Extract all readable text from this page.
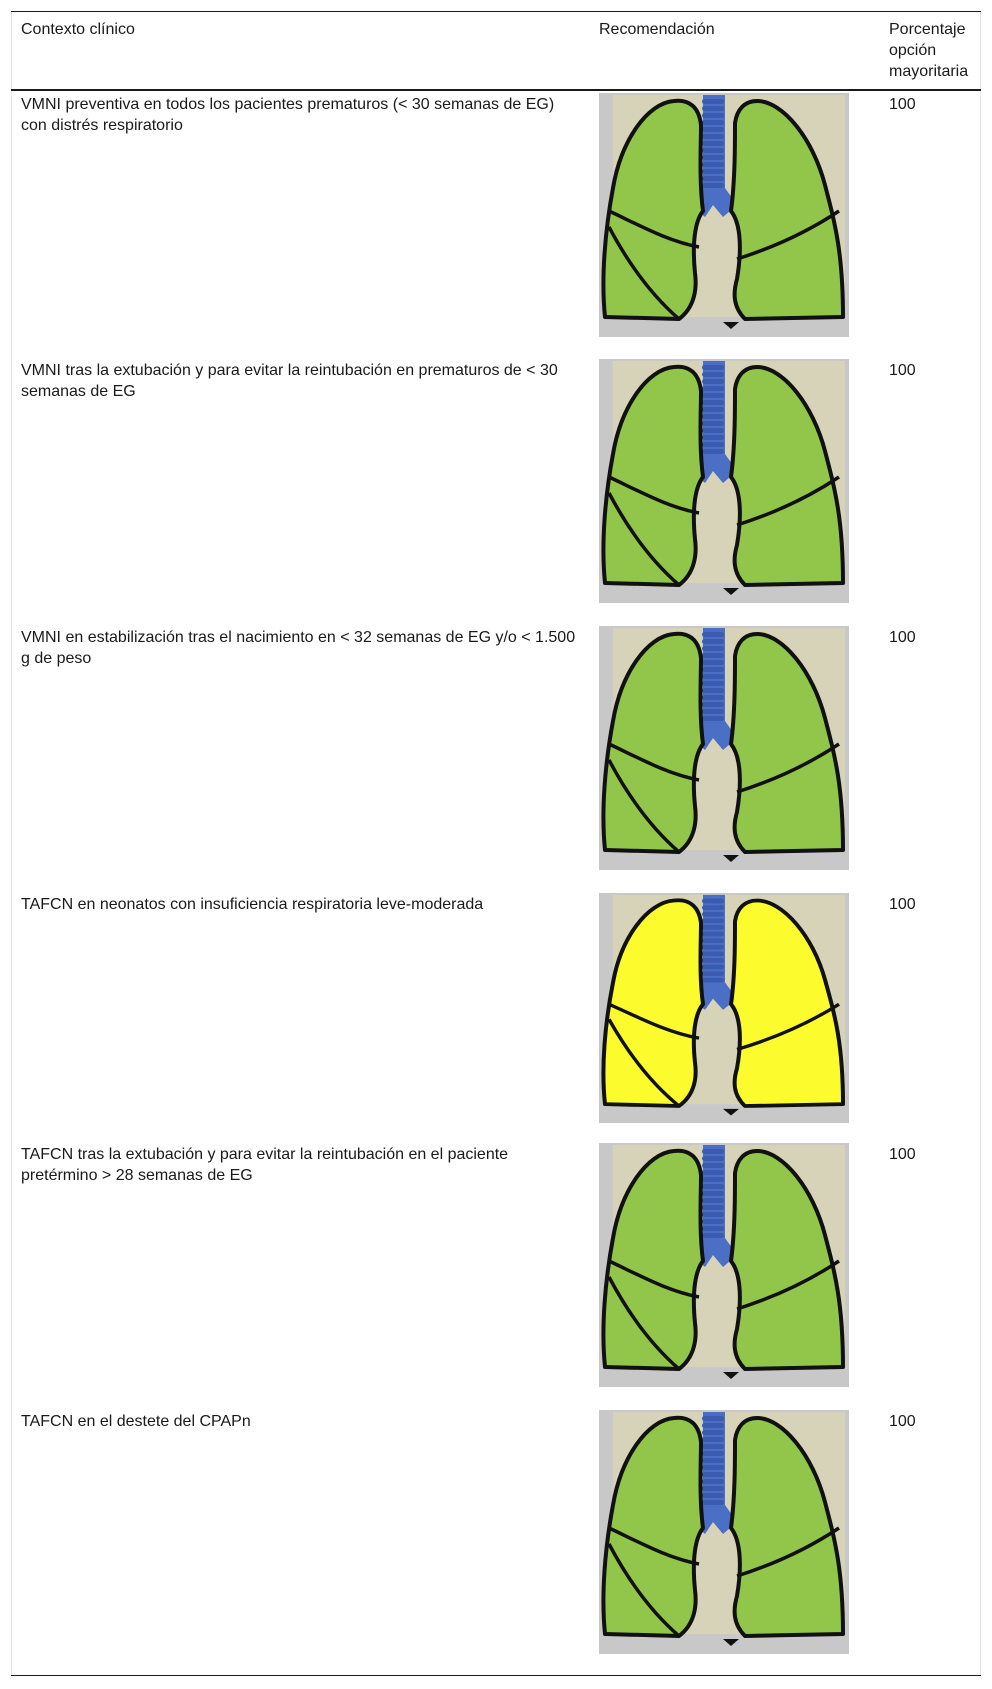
Contexto clínico	Recomendación	Porcentaje opción mayoritaria
VMNI preventiva en todos los pacientes prematuros (< 30 semanas de EG) con distrés respiratorio		100
VMNI tras la extubación y para evitar la reintubación en prematuros de < 30 semanas de EG		100
VMNI en estabilización tras el nacimiento en < 32 semanas de EG y/o < 1.500 g de peso		100
TAFCN en neonatos con insuficiencia respiratoria leve-moderada		100
TAFCN tras la extubación y para evitar la reintubación en el paciente pretérmino > 28 semanas de EG		100
TAFCN en el destete del CPAPn		100
